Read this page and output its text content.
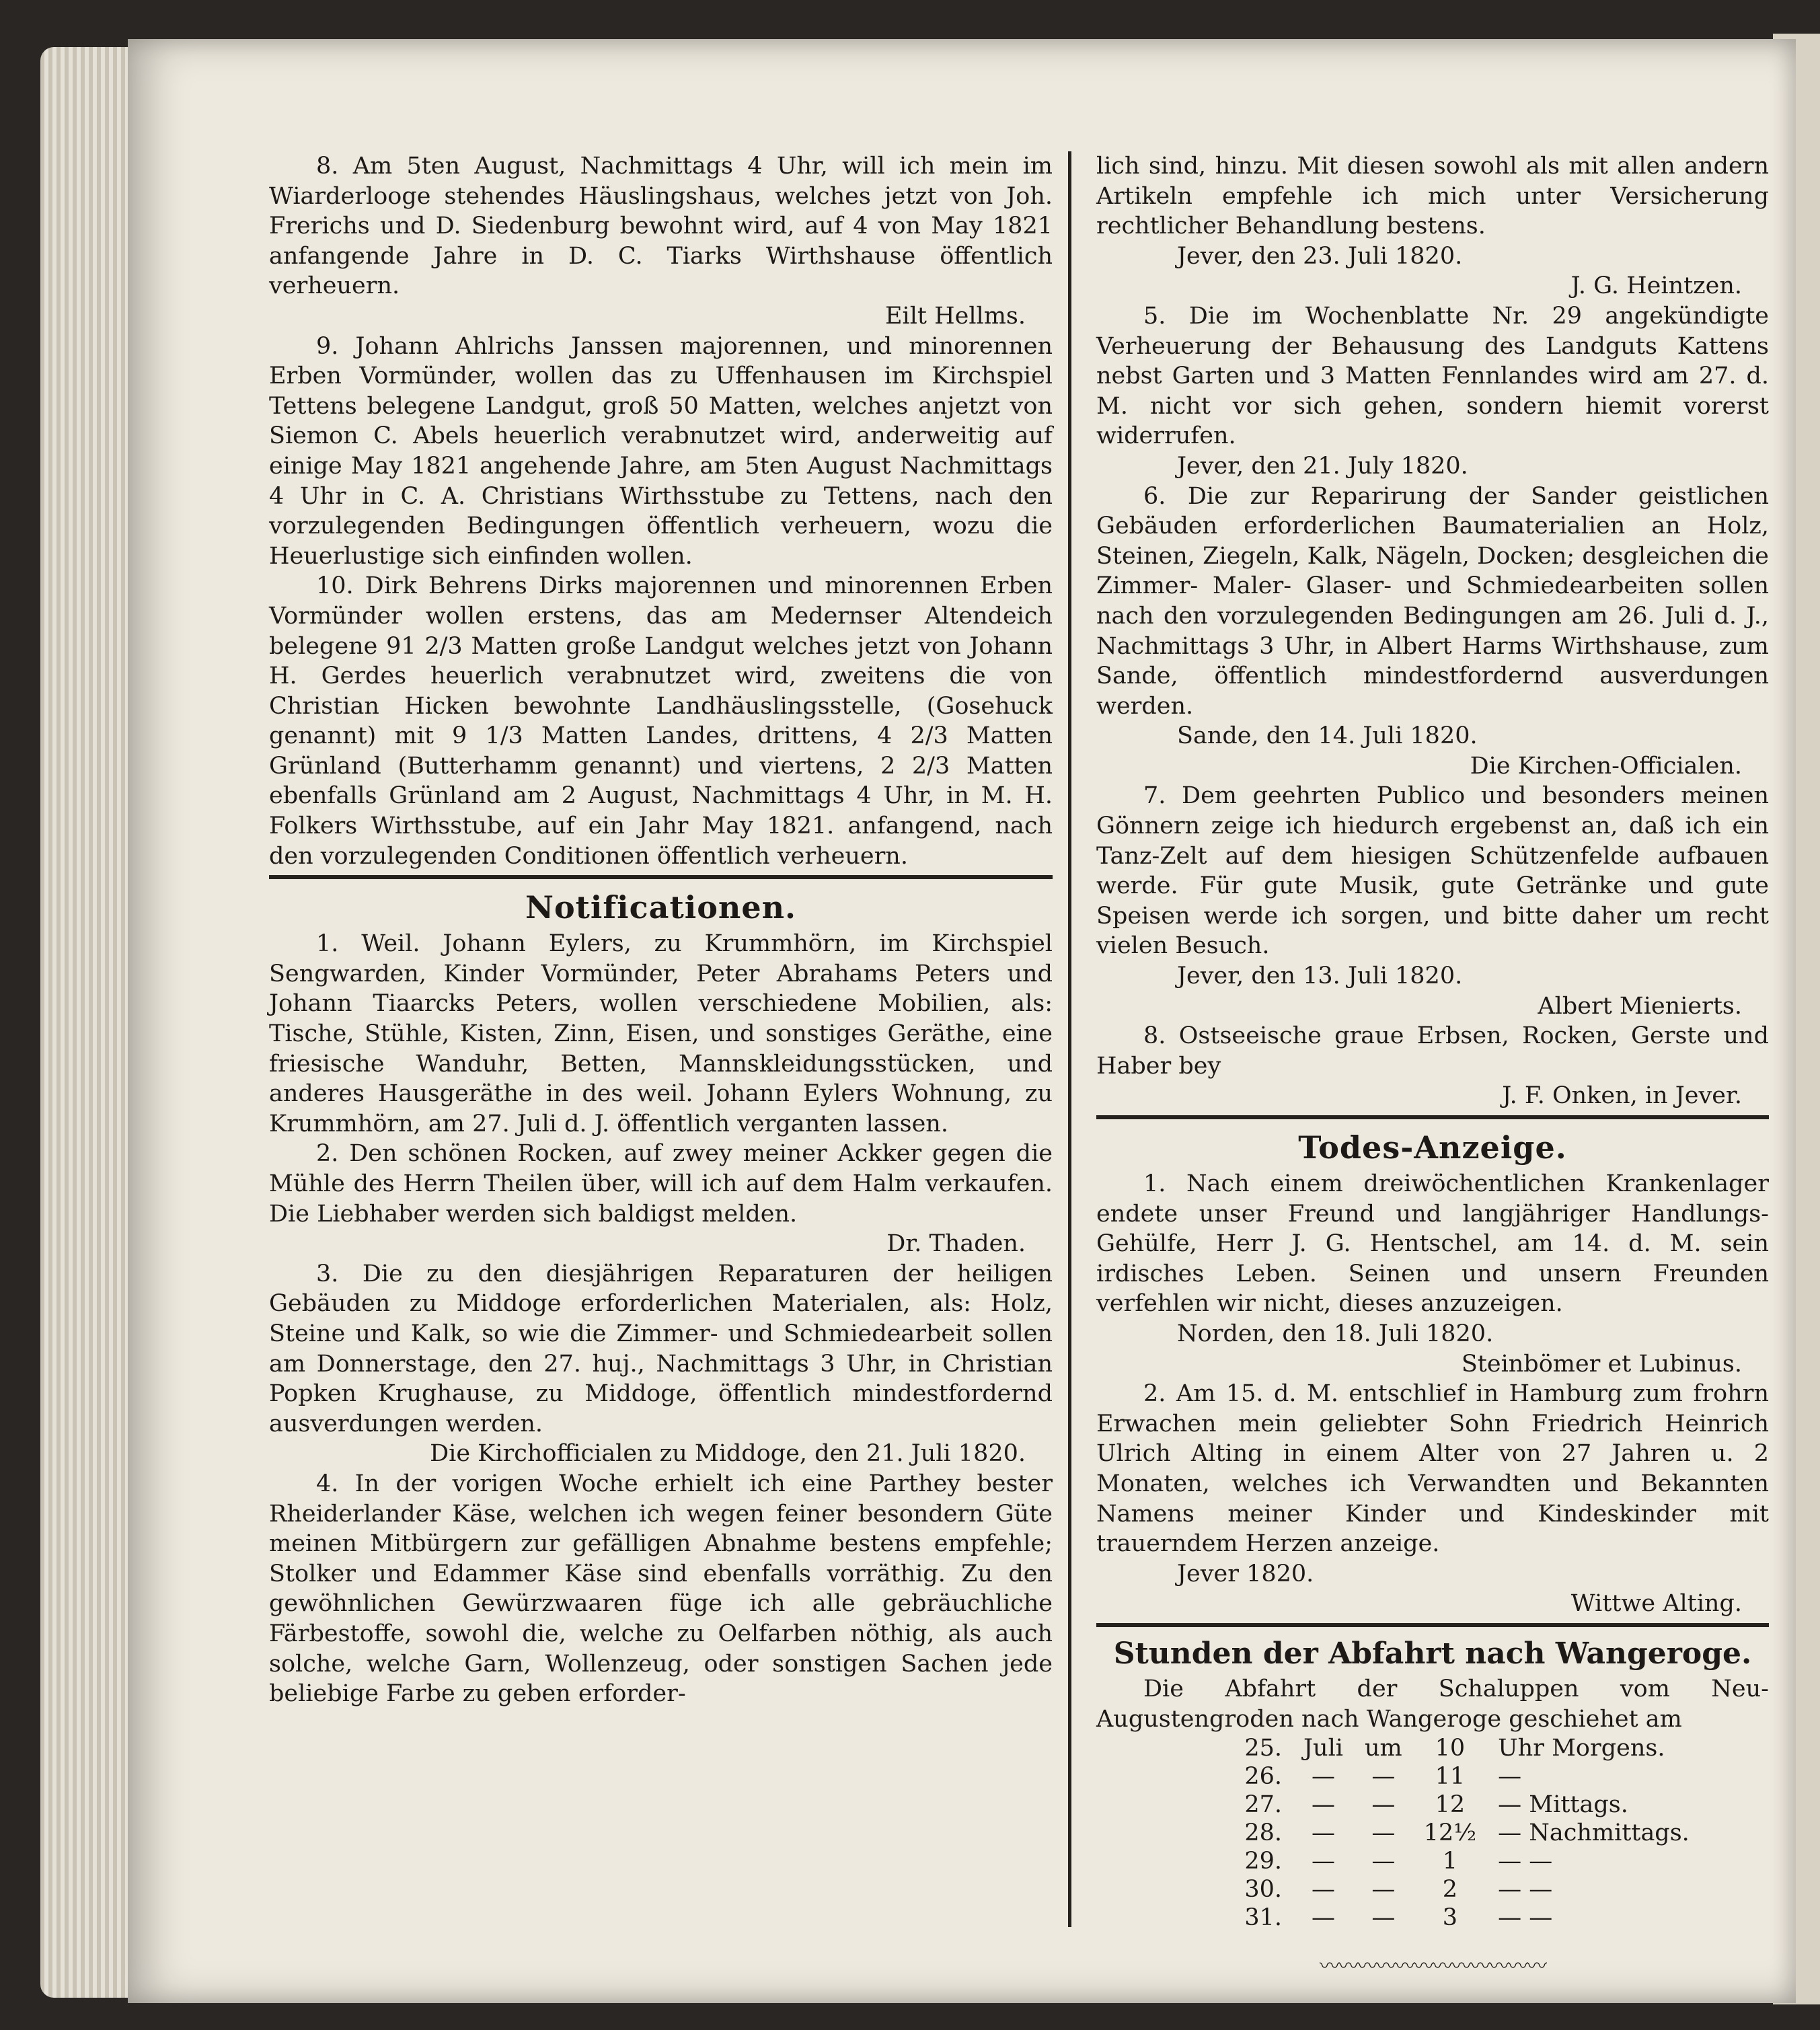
8. Am 5ten August, Nachmittags 4 Uhr, will ich mein im Wiarderlooge stehendes Häuslingshaus, welches jetzt von Joh. Frerichs und D. Siedenburg bewohnt wird, auf 4 von May 1821 anfangende Jahre in D. C. Tiarks Wirthshause öffentlich verheuern.

Eilt Hellms.

9. Johann Ahlrichs Janssen majorennen, und minorennen Erben Vormünder, wollen das zu Uffenhausen im Kirchspiel Tettens belegene Landgut, groß 50 Matten, welches anjetzt von Siemon C. Abels heuerlich verabnutzet wird, anderweitig auf einige May 1821 angehende Jahre, am 5ten August Nachmittags 4 Uhr in C. A. Christians Wirthsstube zu Tettens, nach den vorzulegenden Bedingungen öffentlich verheuern, wozu die Heuerlustige sich einfinden wollen.

10. Dirk Behrens Dirks majorennen und minorennen Erben Vormünder wollen erstens, das am Medernser Altendeich belegene 91 2/3 Matten große Landgut welches jetzt von Johann H. Gerdes heuerlich verabnutzet wird, zweitens die von Christian Hicken bewohnte Landhäuslingsstelle, (Gosehuck genannt) mit 9 1/3 Matten Landes, drittens, 4 2/3 Matten Grünland (Butterhamm genannt) und viertens, 2 2/3 Matten ebenfalls Grünland am 2 August, Nachmittags 4 Uhr, in M. H. Folkers Wirthsstube, auf ein Jahr May 1821. anfangend, nach den vorzulegenden Conditionen öffentlich verheuern.

Notificationen.

1. Weil. Johann Eylers, zu Krummhörn, im Kirchspiel Sengwarden, Kinder Vormünder, Peter Abrahams Peters und Johann Tiaarcks Peters, wollen verschiedene Mobilien, als: Tische, Stühle, Kisten, Zinn, Eisen, und sonstiges Geräthe, eine friesische Wanduhr, Betten, Mannskleidungsstücken, und anderes Hausgeräthe in des weil. Johann Eylers Wohnung, zu Krummhörn, am 27. Juli d. J. öffentlich verganten lassen.

2. Den schönen Rocken, auf zwey meiner Ackker gegen die Mühle des Herrn Theilen über, will ich auf dem Halm verkaufen. Die Liebhaber werden sich baldigst melden.

Dr. Thaden.

3. Die zu den diesjährigen Reparaturen der heiligen Gebäuden zu Middoge erforderlichen Materialen, als: Holz, Steine und Kalk, so wie die Zimmer- und Schmiedearbeit sollen am Donnerstage, den 27. huj., Nachmittags 3 Uhr, in Christian Popken Krughause, zu Middoge, öffentlich mindestfordernd ausverdungen werden.

Die Kirchofficialen zu Middoge, den 21. Juli 1820.

4. In der vorigen Woche erhielt ich eine Parthey bester Rheiderlander Käse, welchen ich wegen feiner besondern Güte meinen Mitbürgern zur gefälligen Abnahme bestens empfehle; Stolker und Edammer Käse sind ebenfalls vorräthig. Zu den gewöhnlichen Gewürzwaaren füge ich alle gebräuchliche Färbestoffe, sowohl die, welche zu Oelfarben nöthig, als auch solche, welche Garn, Wollenzeug, oder sonstigen Sachen jede beliebige Farbe zu geben erforder-

lich sind, hinzu. Mit diesen sowohl als mit allen andern Artikeln empfehle ich mich unter Versicherung rechtlicher Behandlung bestens.

Jever, den 23. Juli 1820.

J. G. Heintzen.

5. Die im Wochenblatte Nr. 29 angekündigte Verheuerung der Behausung des Landguts Kattens nebst Garten und 3 Matten Fennlandes wird am 27. d. M. nicht vor sich gehen, sondern hiemit vorerst widerrufen.

Jever, den 21. July 1820.

6. Die zur Reparirung der Sander geistlichen Gebäuden erforderlichen Baumaterialien an Holz, Steinen, Ziegeln, Kalk, Nägeln, Docken; desgleichen die Zimmer- Maler- Glaser- und Schmiedearbeiten sollen nach den vorzulegenden Bedingungen am 26. Juli d. J., Nachmittags 3 Uhr, in Albert Harms Wirthshause, zum Sande, öffentlich mindestfordernd ausverdungen werden.

Sande, den 14. Juli 1820.

Die Kirchen-Officialen.

7. Dem geehrten Publico und besonders meinen Gönnern zeige ich hiedurch ergebenst an, daß ich ein Tanz-Zelt auf dem hiesigen Schützenfelde aufbauen werde. Für gute Musik, gute Getränke und gute Speisen werde ich sorgen, und bitte daher um recht vielen Besuch.

Jever, den 13. Juli 1820.

Albert Mienierts.

8. Ostseeische graue Erbsen, Rocken, Gerste und Haber bey

J. F. Onken, in Jever.

Todes-Anzeige.

1. Nach einem dreiwöchentlichen Krankenlager endete unser Freund und langjähriger Handlungs-Gehülfe, Herr J. G. Hentschel, am 14. d. M. sein irdisches Leben. Seinen und unsern Freunden verfehlen wir nicht, dieses anzuzeigen.

Norden, den 18. Juli 1820.

Steinbömer et Lubinus.

2. Am 15. d. M. entschlief in Hamburg zum frohrn Erwachen mein geliebter Sohn Friedrich Heinrich Ulrich Alting in einem Alter von 27 Jahren u. 2 Monaten, welches ich Verwandten und Bekannten Namens meiner Kinder und Kindeskinder mit trauerndem Herzen anzeige.

Jever 1820.

Wittwe Alting.

Stunden der Abfahrt nach Wangeroge.

Die Abfahrt der Schaluppen vom Neu-Augustengroden nach Wangeroge geschiehet am

25.	Juli	um	10	Uhr Morgens.
26.	—	—	11	—
27.	—	—	12	— Mittags.
28.	—	—	12½	— Nachmittags.
29.	—	—	1	— —
30.	—	—	2	— —
31.	—	—	3	— —
〰〰〰〰〰〰〰〰〰〰〰〰
